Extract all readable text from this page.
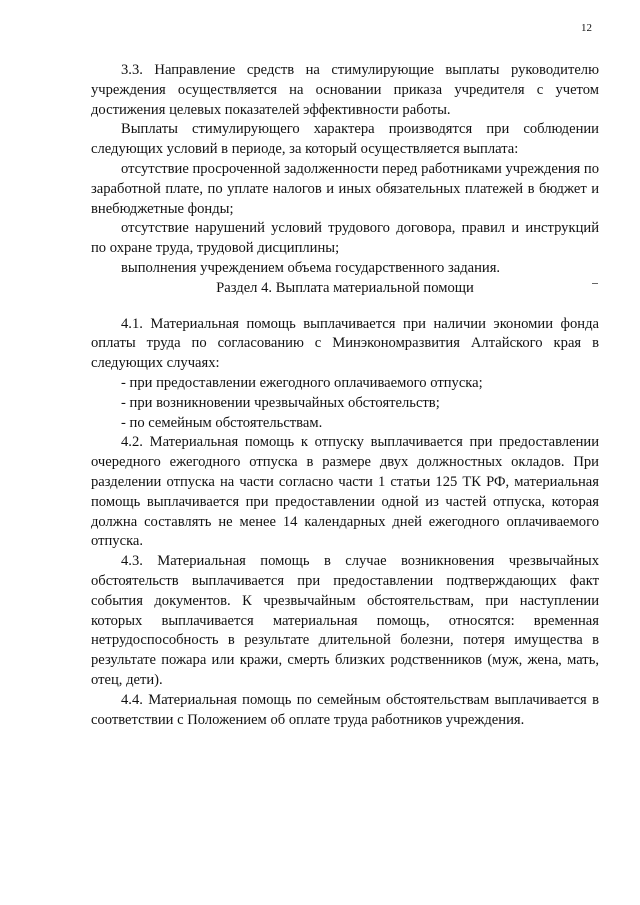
12

3.3. Направление средств на стимулирующие выплаты руководителю учреждения осуществляется на основании приказа учредителя с учетом достижения целевых показателей эффективности работы.

Выплаты стимулирующего характера производятся при соблюдении следующих условий в периоде, за который осуществляется выплата:

отсутствие просроченной задолженности перед работниками учреждения по заработной плате, по уплате налогов и иных обязательных платежей в бюджет и внебюджетные фонды;

отсутствие нарушений условий трудового договора, правил и инструкций по охране труда, трудовой дисциплины;

выполнения учреждением объема государственного задания.

Раздел 4. Выплата материальной помощи

4.1. Материальная помощь выплачивается при наличии экономии фонда оплаты труда по согласованию с Минэкономразвития Алтайского края в следующих случаях:

- при предоставлении ежегодного оплачиваемого отпуска;

- при возникновении чрезвычайных обстоятельств;

- по семейным обстоятельствам.

4.2. Материальная помощь к отпуску выплачивается при предоставлении очередного ежегодного отпуска в размере двух должностных окладов. При разделении отпуска на части согласно части 1 статьи 125 ТК РФ, материальная помощь выплачивается при предоставлении одной из частей отпуска, которая должна составлять не менее 14 календарных дней ежегодного оплачиваемого отпуска.

4.3. Материальная помощь в случае возникновения чрезвычайных обстоятельств выплачивается при предоставлении подтверждающих факт события документов. К чрезвычайным обстоятельствам, при наступлении которых выплачивается материальная помощь, относятся: временная нетрудоспособность в результате длительной болезни, потеря имущества в результате пожара или кражи, смерть близких родственников (муж, жена, мать, отец, дети).

4.4. Материальная помощь по семейным обстоятельствам выплачивается в соответствии с Положением об оплате труда работников учреждения.
